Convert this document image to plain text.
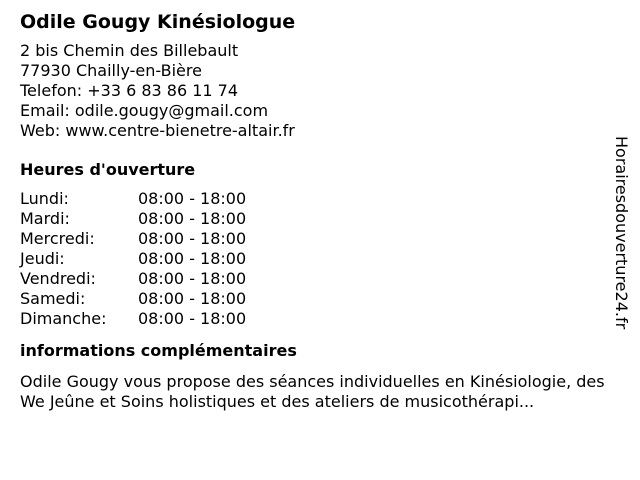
Odile Gougy Kinésiologue
2 bis Chemin des Billebault
77930 Chailly-en-Bière
Telefon: +33 6 83 86 11 74
Email: odile.gougy@gmail.com
Web: www.centre-bienetre-altair.fr
Heures d'ouverture
Lundi:	08:00 - 18:00
Mardi:	08:00 - 18:00
Mercredi:	08:00 - 18:00
Jeudi:	08:00 - 18:00
Vendredi:	08:00 - 18:00
Samedi:	08:00 - 18:00
Dimanche:	08:00 - 18:00
informations complémentaires
Odile Gougy vous propose des séances individuelles en Kinésiologie, des We Jeûne et Soins holistiques et des ateliers de musicothérapi...
Horairesdouverture24.fr
